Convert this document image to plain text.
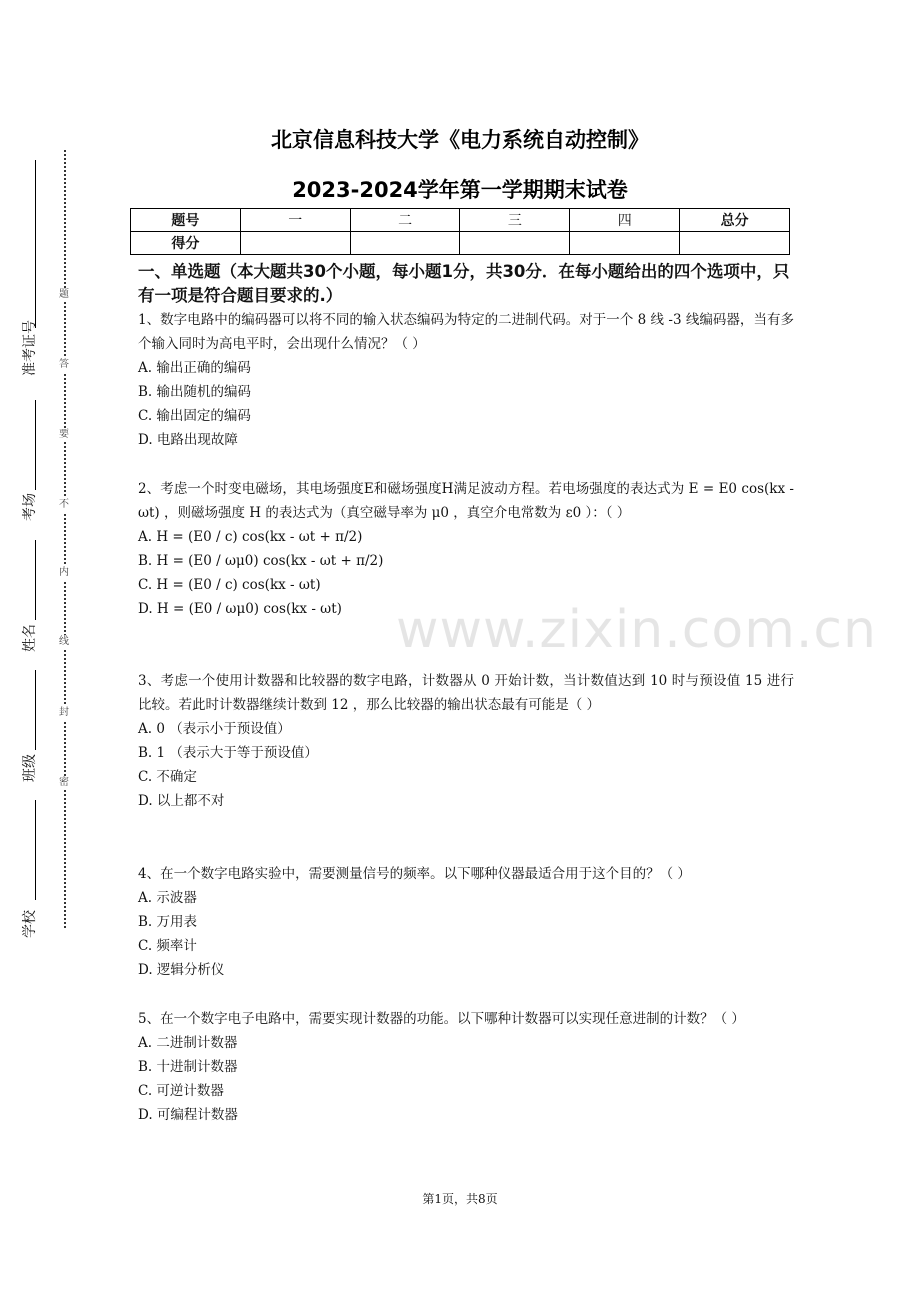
题
答
要
不
内
线
封
密
准考证号
考场
姓名
班级
学校
北京信息科技大学《电力系统自动控制》
2023-2024学年第一学期期末试卷
题号	一	二	三	四	总分
得分					
一、单选题（本大题共30个小题，每小题1分，共30分．在每小题给出的四个选项中，只有一项是符合题目要求的.）

1、数字电路中的编码器可以将不同的输入状态编码为特定的二进制代码。对于一个 8 线 -3 线编码器，当有多个输入同时为高电平时，会出现什么情况？（ ）

A. 输出正确的编码

B. 输出随机的编码

C. 输出固定的编码

D. 电路出现故障

2、考虑一个时变电磁场，其电场强度E和磁场强度H满足波动方程。若电场强度的表达式为 E = E0 cos(kx - ωt) ，则磁场强度 H 的表达式为（真空磁导率为 μ0 ，真空介电常数为 ε0 ）：（ ）

A. H = (E0 / c) cos(kx - ωt + π/2)

B. H = (E0 / ωμ0) cos(kx - ωt + π/2)

C. H = (E0 / c) cos(kx - ωt)

D. H = (E0 / ωμ0) cos(kx - ωt)

3、考虑一个使用计数器和比较器的数字电路，计数器从 0 开始计数，当计数值达到 10 时与预设值 15 进行比较。若此时计数器继续计数到 12 ，那么比较器的输出状态最有可能是（ ）

A. 0 （表示小于预设值）

B. 1 （表示大于等于预设值）

C. 不确定

D. 以上都不对

4、在一个数字电路实验中，需要测量信号的频率。以下哪种仪器最适合用于这个目的？（ ）

A. 示波器

B. 万用表

C. 频率计

D. 逻辑分析仪

5、在一个数字电子电路中，需要实现计数器的功能。以下哪种计数器可以实现任意进制的计数？（ ）

A. 二进制计数器

B. 十进制计数器

C. 可逆计数器

D. 可编程计数器

www.zixin.com.cn
第1页，共8页
